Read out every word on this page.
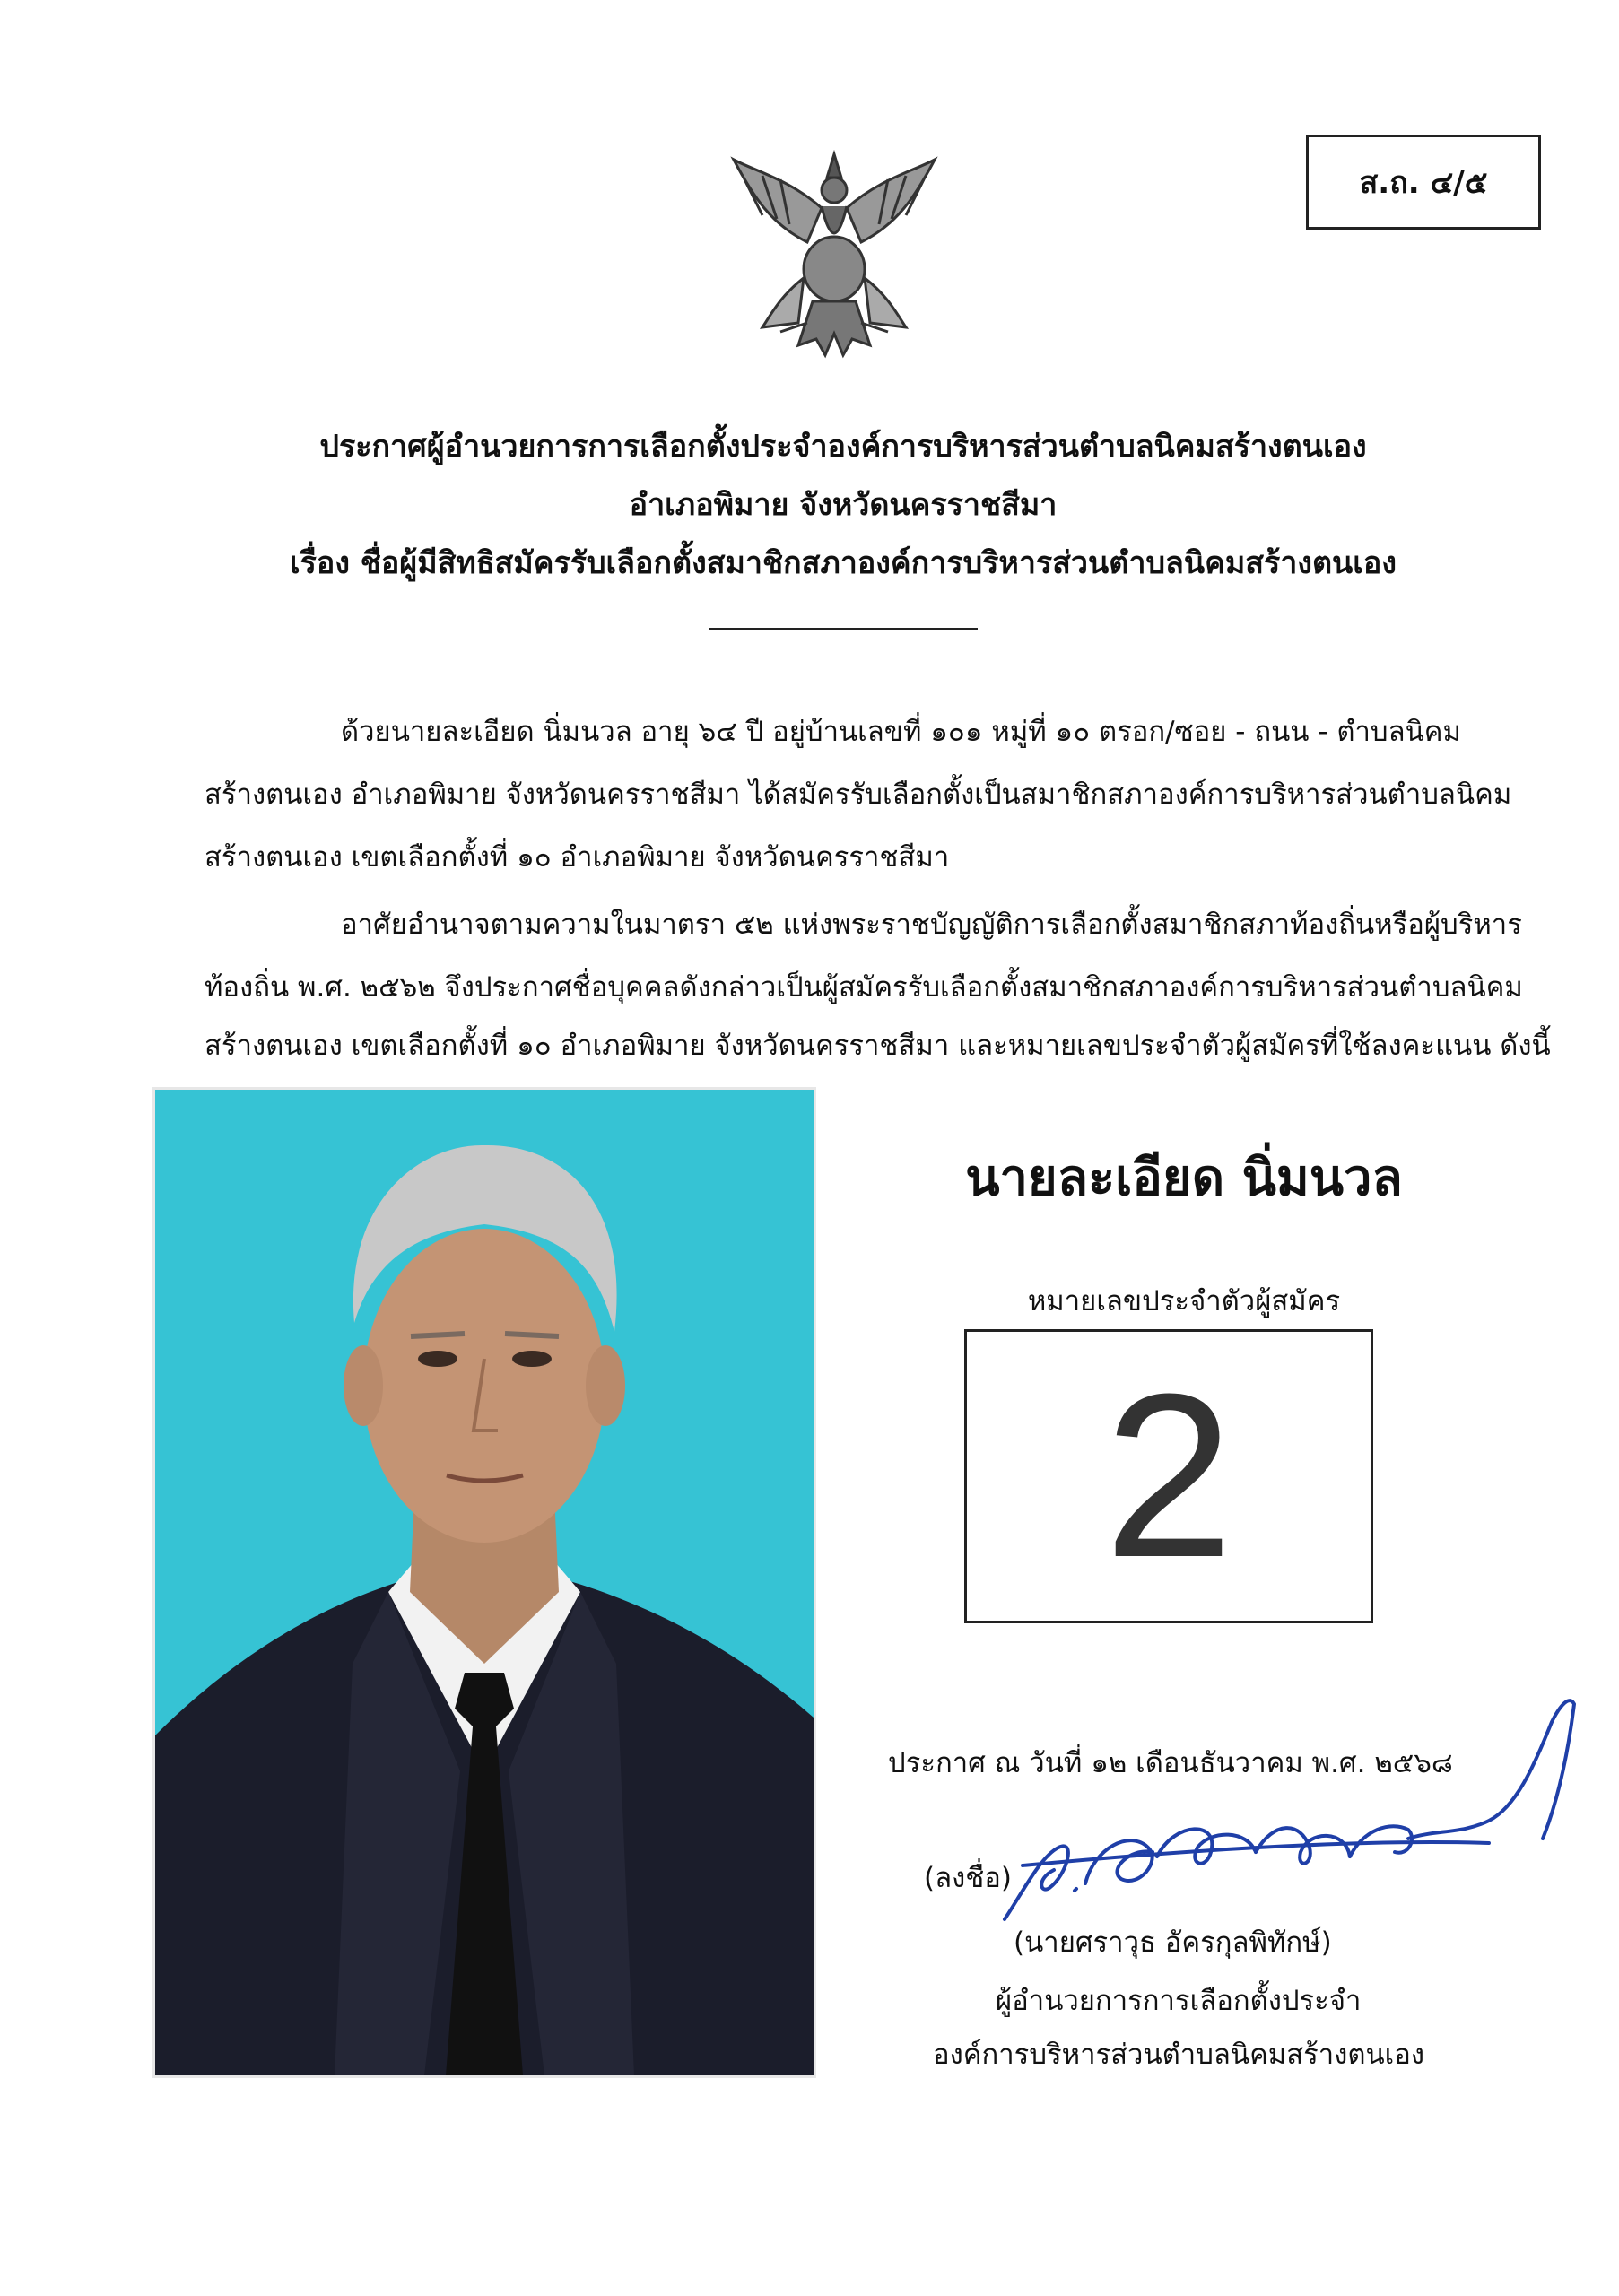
ส.ถ. ๔/๕
ประกาศผู้อำนวยการการเลือกตั้งประจำองค์การบริหารส่วนตำบลนิคมสร้างตนเอง
อำเภอพิมาย จังหวัดนครราชสีมา
เรื่อง ชื่อผู้มีสิทธิสมัครรับเลือกตั้งสมาชิกสภาองค์การบริหารส่วนตำบลนิคมสร้างตนเอง
ด้วยนายละเอียด นิ่มนวล อายุ ๖๔ ปี อยู่บ้านเลขที่ ๑๐๑ หมู่ที่ ๑๐ ตรอก/ซอย - ถนน - ตำบลนิคม
สร้างตนเอง อำเภอพิมาย จังหวัดนครราชสีมา ได้สมัครรับเลือกตั้งเป็นสมาชิกสภาองค์การบริหารส่วนตำบลนิคม
สร้างตนเอง เขตเลือกตั้งที่ ๑๐ อำเภอพิมาย จังหวัดนครราชสีมา
อาศัยอำนาจตามความในมาตรา ๕๒ แห่งพระราชบัญญัติการเลือกตั้งสมาชิกสภาท้องถิ่นหรือผู้บริหาร
ท้องถิ่น พ.ศ. ๒๕๖๒ จึงประกาศชื่อบุคคลดังกล่าวเป็นผู้สมัครรับเลือกตั้งสมาชิกสภาองค์การบริหารส่วนตำบลนิคม
สร้างตนเอง เขตเลือกตั้งที่ ๑๐ อำเภอพิมาย จังหวัดนครราชสีมา และหมายเลขประจำตัวผู้สมัครที่ใช้ลงคะแนน ดังนี้
นายละเอียด นิ่มนวล
หมายเลขประจำตัวผู้สมัคร
2
ประกาศ ณ วันที่ ๑๒ เดือนธันวาคม พ.ศ. ๒๕๖๘
(ลงชื่อ)
(นายศราวุธ อัครกุลพิทักษ์)
ผู้อำนวยการการเลือกตั้งประจำ
องค์การบริหารส่วนตำบลนิคมสร้างตนเอง
